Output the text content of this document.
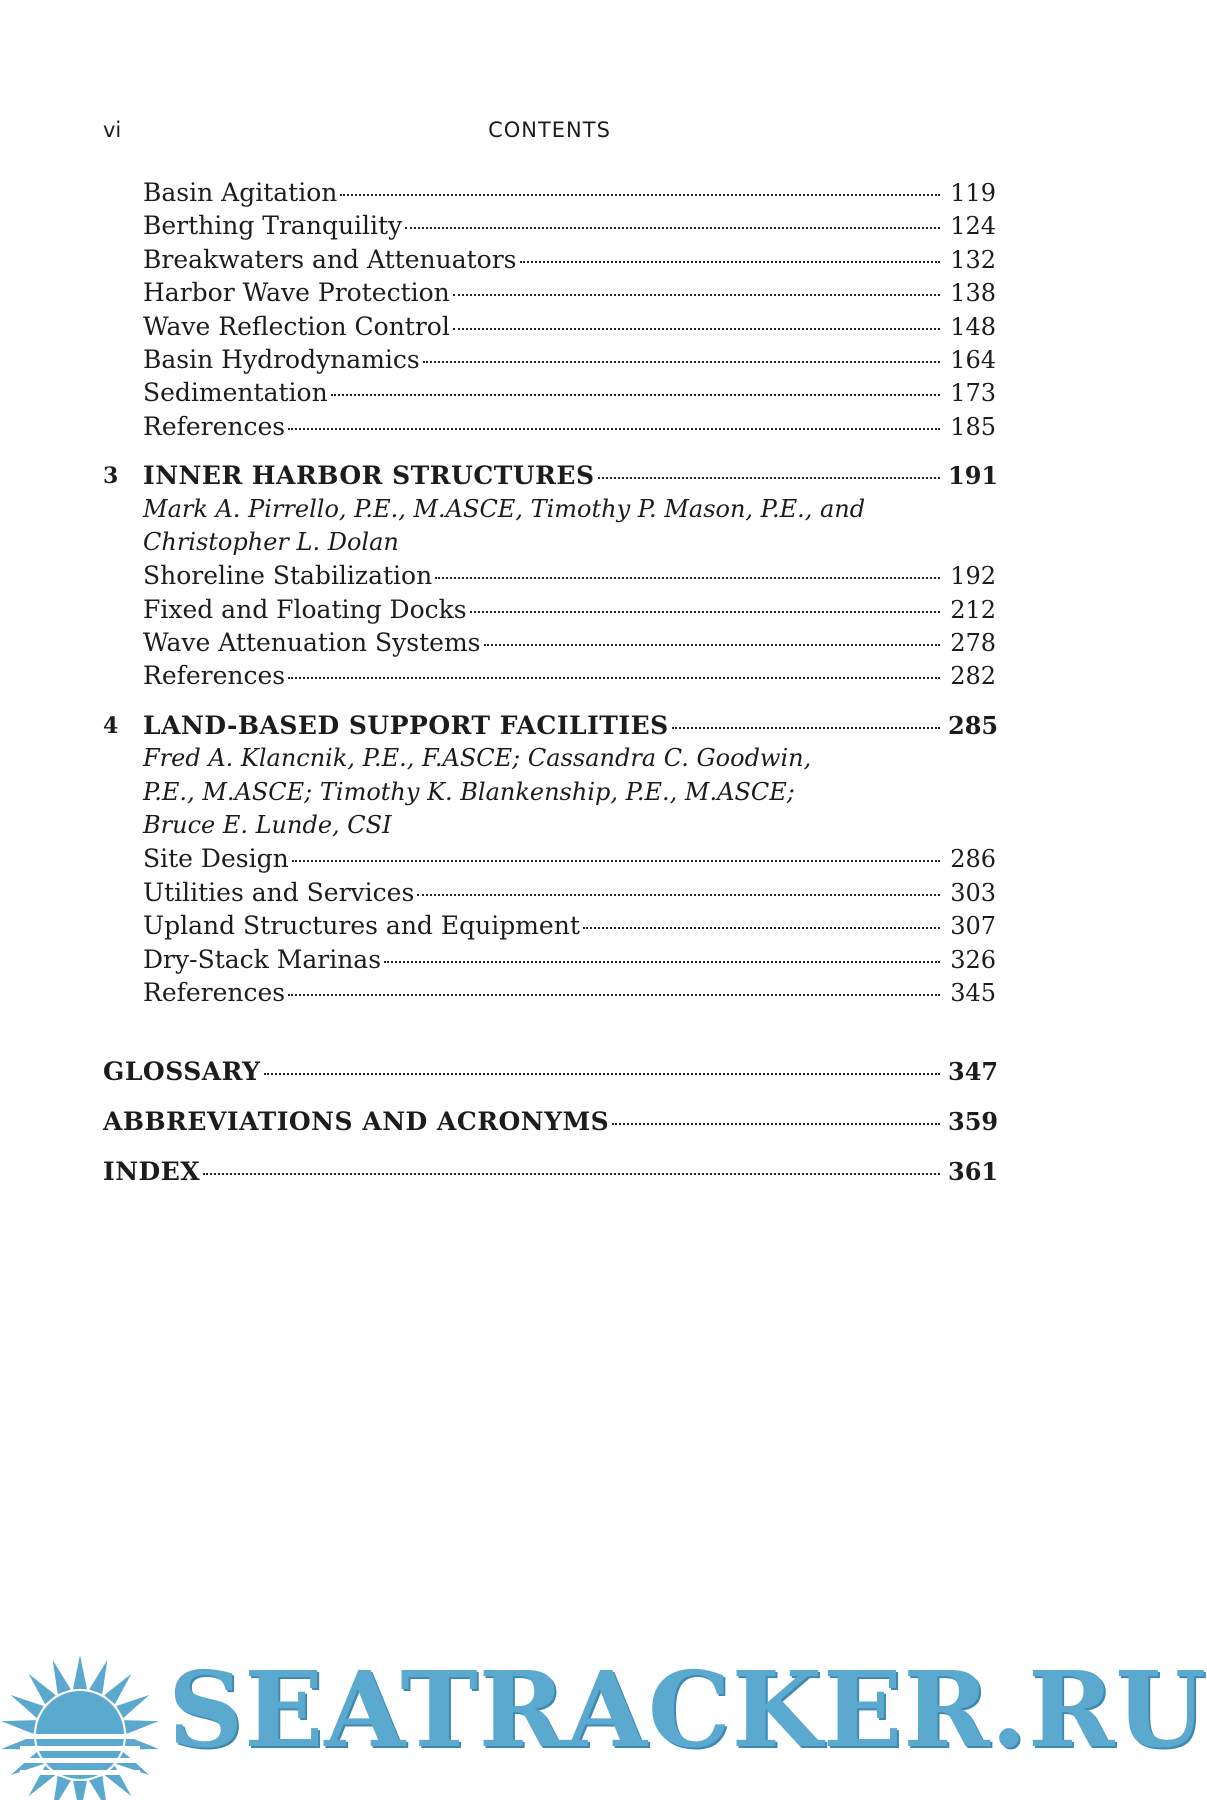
vi	CONTENTS
Basin Agitation	119
Berthing Tranquility	124
Breakwaters and Attenuators	132
Harbor Wave Protection	138
Wave Reflection Control	148
Basin Hydrodynamics	164
Sedimentation	173
References	185
3 INNER HARBOR STRUCTURES	191
Mark A. Pirrello, P.E., M.ASCE, Timothy P. Mason, P.E., and
Christopher L. Dolan
Shoreline Stabilization	192
Fixed and Floating Docks	212
Wave Attenuation Systems	278
References	282
4 LAND-BASED SUPPORT FACILITIES	285
Fred A. Klancnik, P.E., F.ASCE; Cassandra C. Goodwin,
P.E., M.ASCE; Timothy K. Blankenship, P.E., M.ASCE;
Bruce E. Lunde, CSI
Site Design	286
Utilities and Services	303
Upland Structures and Equipment	307
Dry-Stack Marinas	326
References	345
GLOSSARY	347
ABBREVIATIONS AND ACRONYMS	359
INDEX	361
SEATRACKER.RU
